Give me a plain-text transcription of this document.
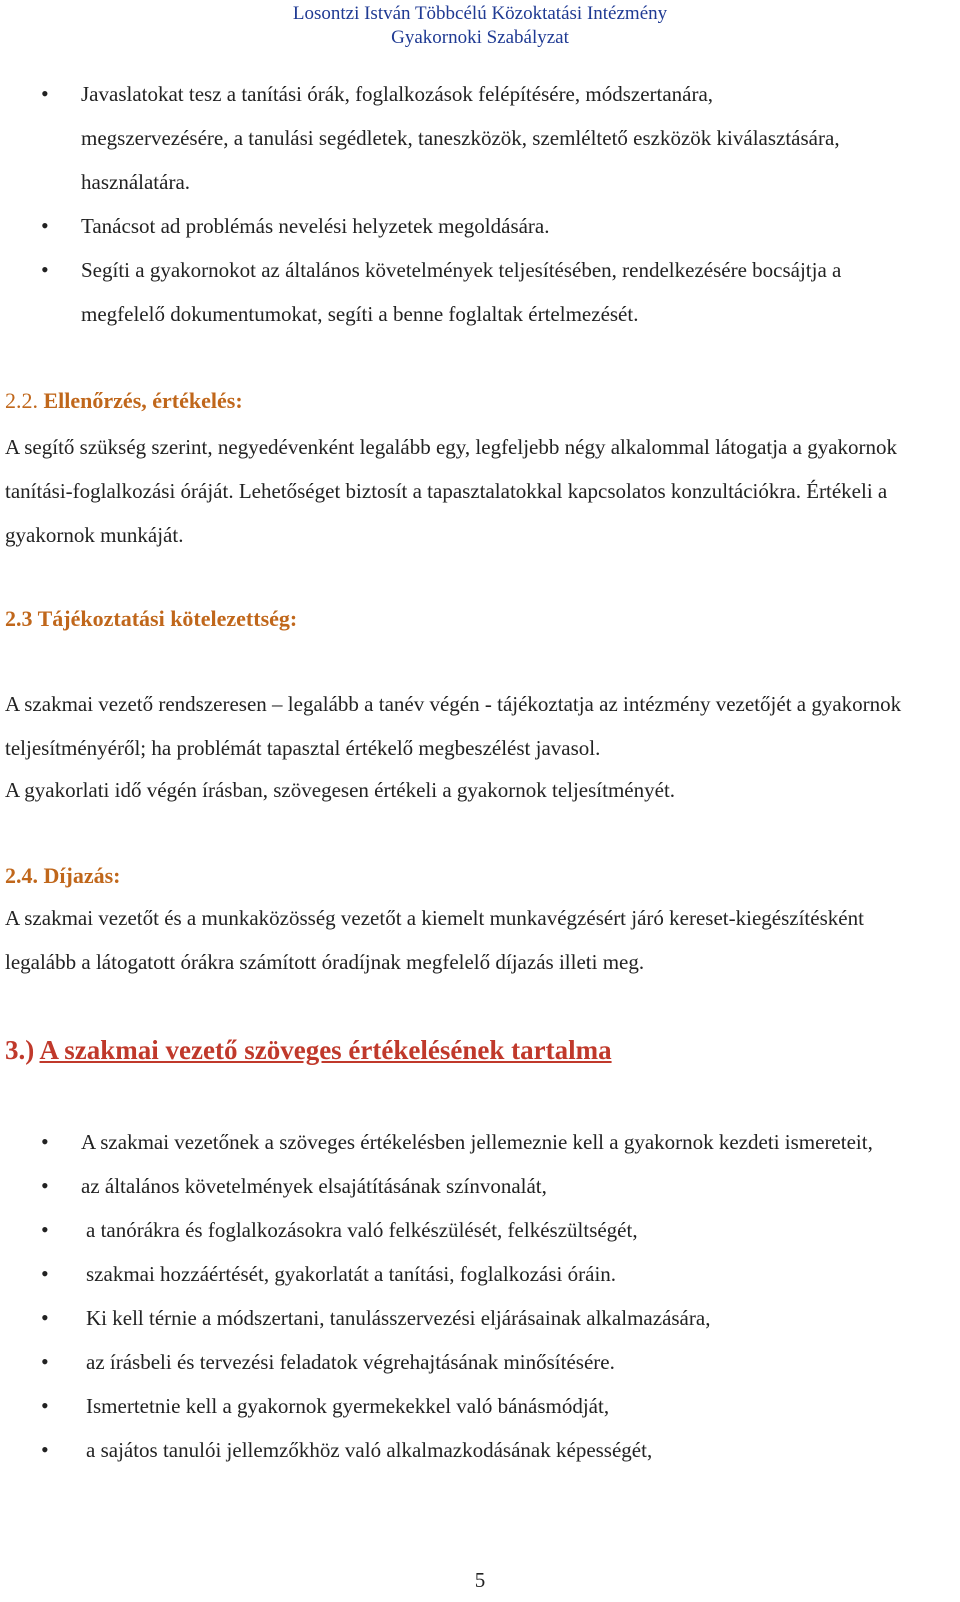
Losontzi István Többcélú Közoktatási Intézmény
Gyakornoki Szabályzat
• Javaslatokat tesz a tanítási órák, foglalkozások felépítésére, módszertanára, megszervezésére, a tanulási segédletek, taneszközök, szemléltető eszközök kiválasztására, használatára.
• Tanácsot ad problémás nevelési helyzetek megoldására.
• Segíti a gyakornokot az általános követelmények teljesítésében, rendelkezésére bocsájtja a megfelelő dokumentumokat, segíti a benne foglaltak értelmezését.
2.2. Ellenőrzés, értékelés:

A segítő szükség szerint, negyedévenként legalább egy, legfeljebb négy alkalommal látogatja a gyakornok tanítási-foglalkozási óráját. Lehetőséget biztosít a tapasztalatokkal kapcsolatos konzultációkra. Értékeli a gyakornok munkáját.

2.3 Tájékoztatási kötelezettség:

A szakmai vezető rendszeresen – legalább a tanév végén - tájékoztatja az intézmény vezetőjét a gyakornok teljesítményéről; ha problémát tapasztal értékelő megbeszélést javasol.

A gyakorlati idő végén írásban, szövegesen értékeli a gyakornok teljesítményét.

2.4. Díjazás:

A szakmai vezetőt és a munkaközösség vezetőt a kiemelt munkavégzésért járó kereset-kiegészítésként legalább a látogatott órákra számított óradíjnak megfelelő díjazás illeti meg.

3.) A szakmai vezető szöveges értékelésének tartalma
• A szakmai vezetőnek a szöveges értékelésben jellemeznie kell a gyakornok kezdeti ismereteit,
• az általános követelmények elsajátításának színvonalát,
• a tanórákra és foglalkozásokra való felkészülését, felkészültségét,
• szakmai hozzáértését, gyakorlatát a tanítási, foglalkozási óráin.
• Ki kell térnie a módszertani, tanulásszervezési eljárásainak alkalmazására,
• az írásbeli és tervezési feladatok végrehajtásának minősítésére.
• Ismertetnie kell a gyakornok gyermekekkel való bánásmódját,
• a sajátos tanulói jellemzőkhöz való alkalmazkodásának képességét,
5
